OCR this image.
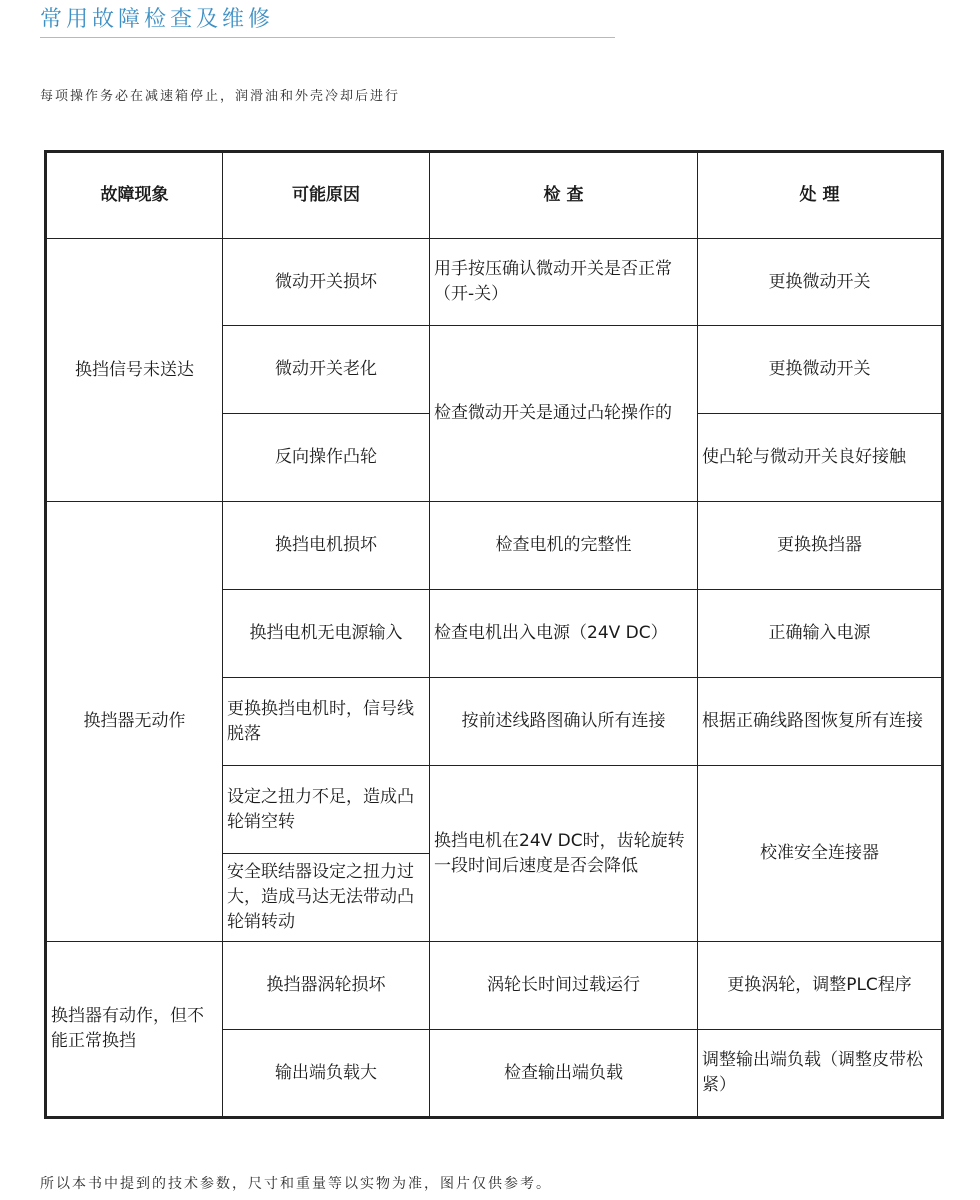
常用故障检查及维修
每项操作务必在减速箱停止，润滑油和外壳冷却后进行
故障现象	可能原因	检 查	处 理
换挡信号未送达	微动开关损坏	用手按压确认微动开关是否正常（开-关）	更换微动开关
	微动开关老化	检查微动开关是通过凸轮操作的	更换微动开关
	反向操作凸轮		使凸轮与微动开关良好接触
换挡器无动作	换挡电机损坏	检查电机的完整性	更换换挡器
	换挡电机无电源输入	检查电机出入电源（24V DC）	正确输入电源
	更换换挡电机时，信号线脱落	按前述线路图确认所有连接	根据正确线路图恢复所有连接
	设定之扭力不足，造成凸轮销空转	换挡电机在24V DC时，齿轮旋转一段时间后速度是否会降低	校准安全连接器
	安全联结器设定之扭力过大，造成马达无法带动凸轮销转动		
换挡器有动作，但不能正常换挡	换挡器涡轮损坏	涡轮长时间过载运行	更换涡轮，调整PLC程序
	输出端负载大	检查输出端负载	调整输出端负载（调整皮带松紧）
所以本书中提到的技术参数，尺寸和重量等以实物为准，图片仅供参考。
